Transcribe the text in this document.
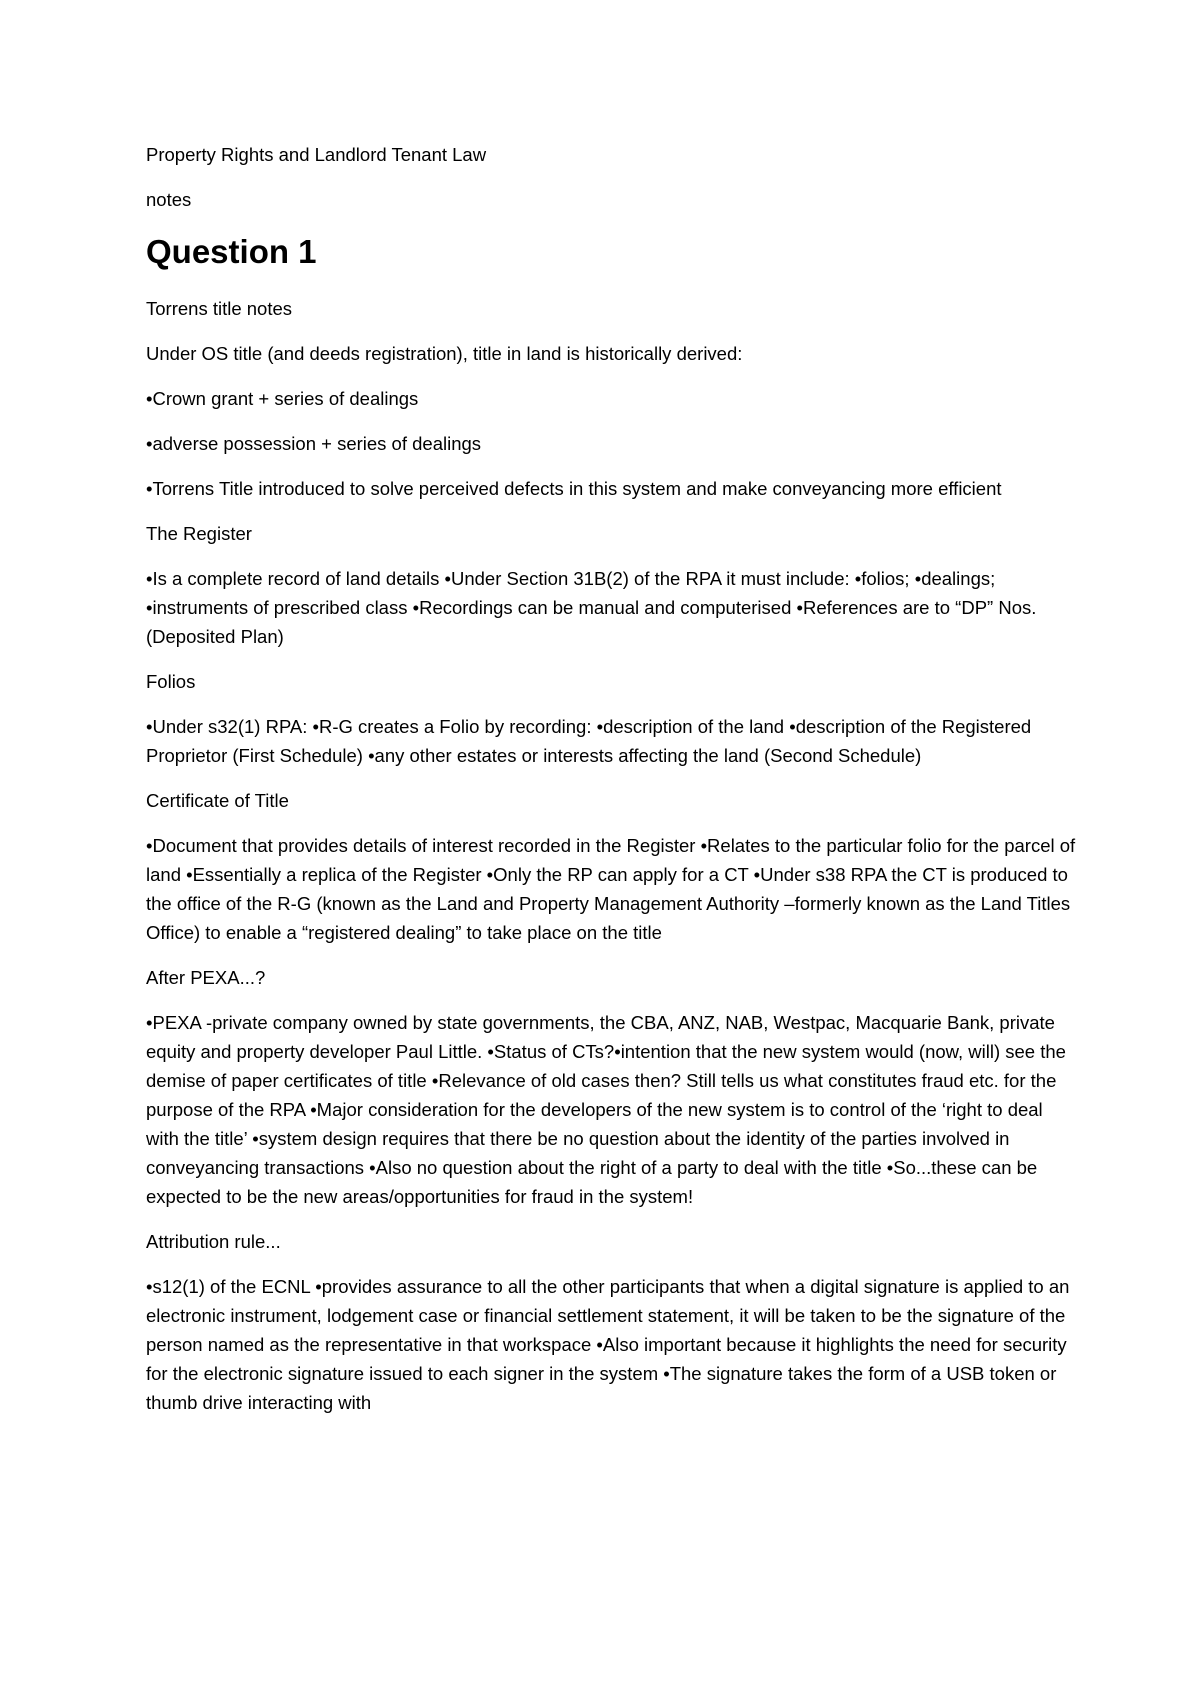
Property Rights and Landlord Tenant Law

notes

Question 1

Torrens title notes

Under OS title (and deeds registration), title in land is historically derived:

•Crown grant + series of dealings

•adverse possession + series of dealings

•Torrens Title introduced to solve perceived defects in this system and make conveyancing more efficient

The Register

•Is a complete record of land details •Under Section 31B(2) of the RPA it must include: •folios; •dealings; •instruments of prescribed class •Recordings can be manual and computerised •References are to “DP” Nos. (Deposited Plan)

Folios

•Under s32(1) RPA: •R-G creates a Folio by recording: •description of the land •description of the Registered Proprietor (First Schedule) •any other estates or interests affecting the land (Second Schedule)

Certificate of Title

•Document that provides details of interest recorded in the Register •Relates to the particular folio for the parcel of land •Essentially a replica of the Register •Only the RP can apply for a CT •Under s38 RPA the CT is produced to the office of the R-G (known as the Land and Property Management Authority –formerly known as the Land Titles Office) to enable a “registered dealing” to take place on the title

After PEXA...?

•PEXA -private company owned by state governments, the CBA, ANZ, NAB, Westpac, Macquarie Bank, private equity and property developer Paul Little. •Status of CTs?•intention that the new system would (now, will) see the demise of paper certificates of title •Relevance of old cases then? Still tells us what constitutes fraud etc. for the purpose of the RPA •Major consideration for the developers of the new system is to control of the ‘right to deal with the title’ •system design requires that there be no question about the identity of the parties involved in conveyancing transactions •Also no question about the right of a party to deal with the title •So...these can be expected to be the new areas/opportunities for fraud in the system!

Attribution rule...

•s12(1) of the ECNL •provides assurance to all the other participants that when a digital signature is applied to an electronic instrument, lodgement case or financial settlement statement, it will be taken to be the signature of the person named as the representative in that workspace •Also important because it highlights the need for security for the electronic signature issued to each signer in the system •The signature takes the form of a USB token or thumb drive interacting with
